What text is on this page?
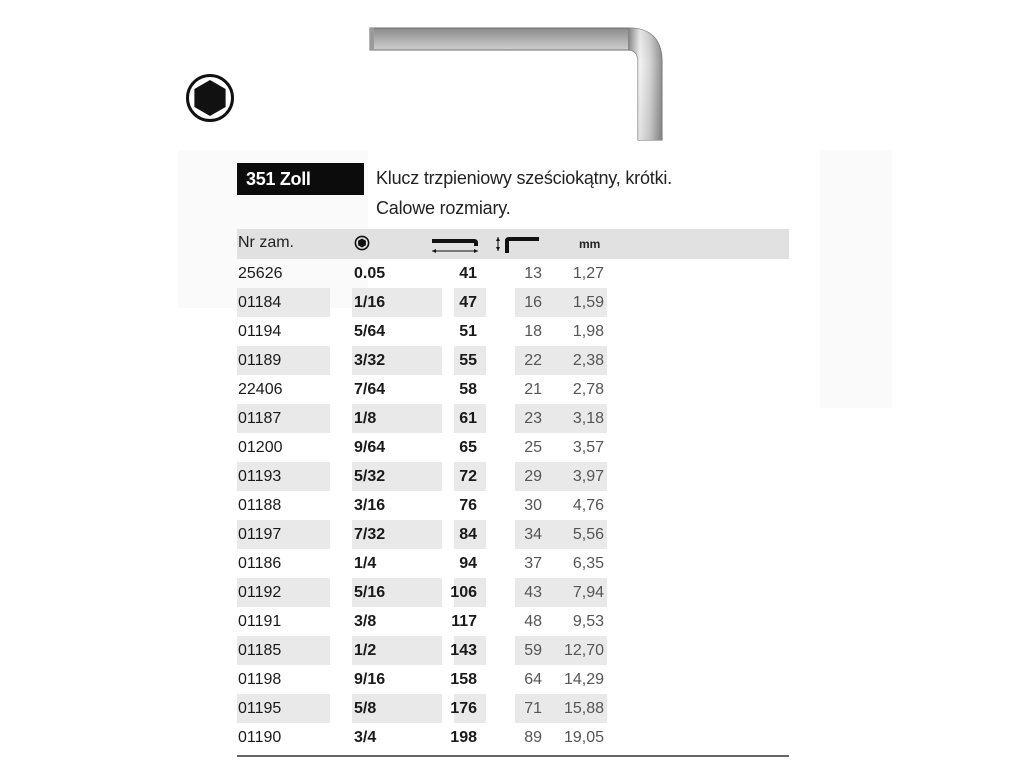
351 Zoll	Klucz trzpieniowy sześciokątny, krótki.
Calowe rozmiary.
Nr zam.	mm
25626	0.05	41	13	1,27
01184	1/16	47	16	1,59
01194	5/64	51	18	1,98
01189	3/32	55	22	2,38
22406	7/64	58	21	2,78
01187	1/8	61	23	3,18
01200	9/64	65	25	3,57
01193	5/32	72	29	3,97
01188	3/16	76	30	4,76
01197	7/32	84	34	5,56
01186	1/4	94	37	6,35
01192	5/16	106	43	7,94
01191	3/8	117	48	9,53
01185	1/2	143	59	12,70
01198	9/16	158	64	14,29
01195	5/8	176	71	15,88
01190	3/4	198	89	19,05
